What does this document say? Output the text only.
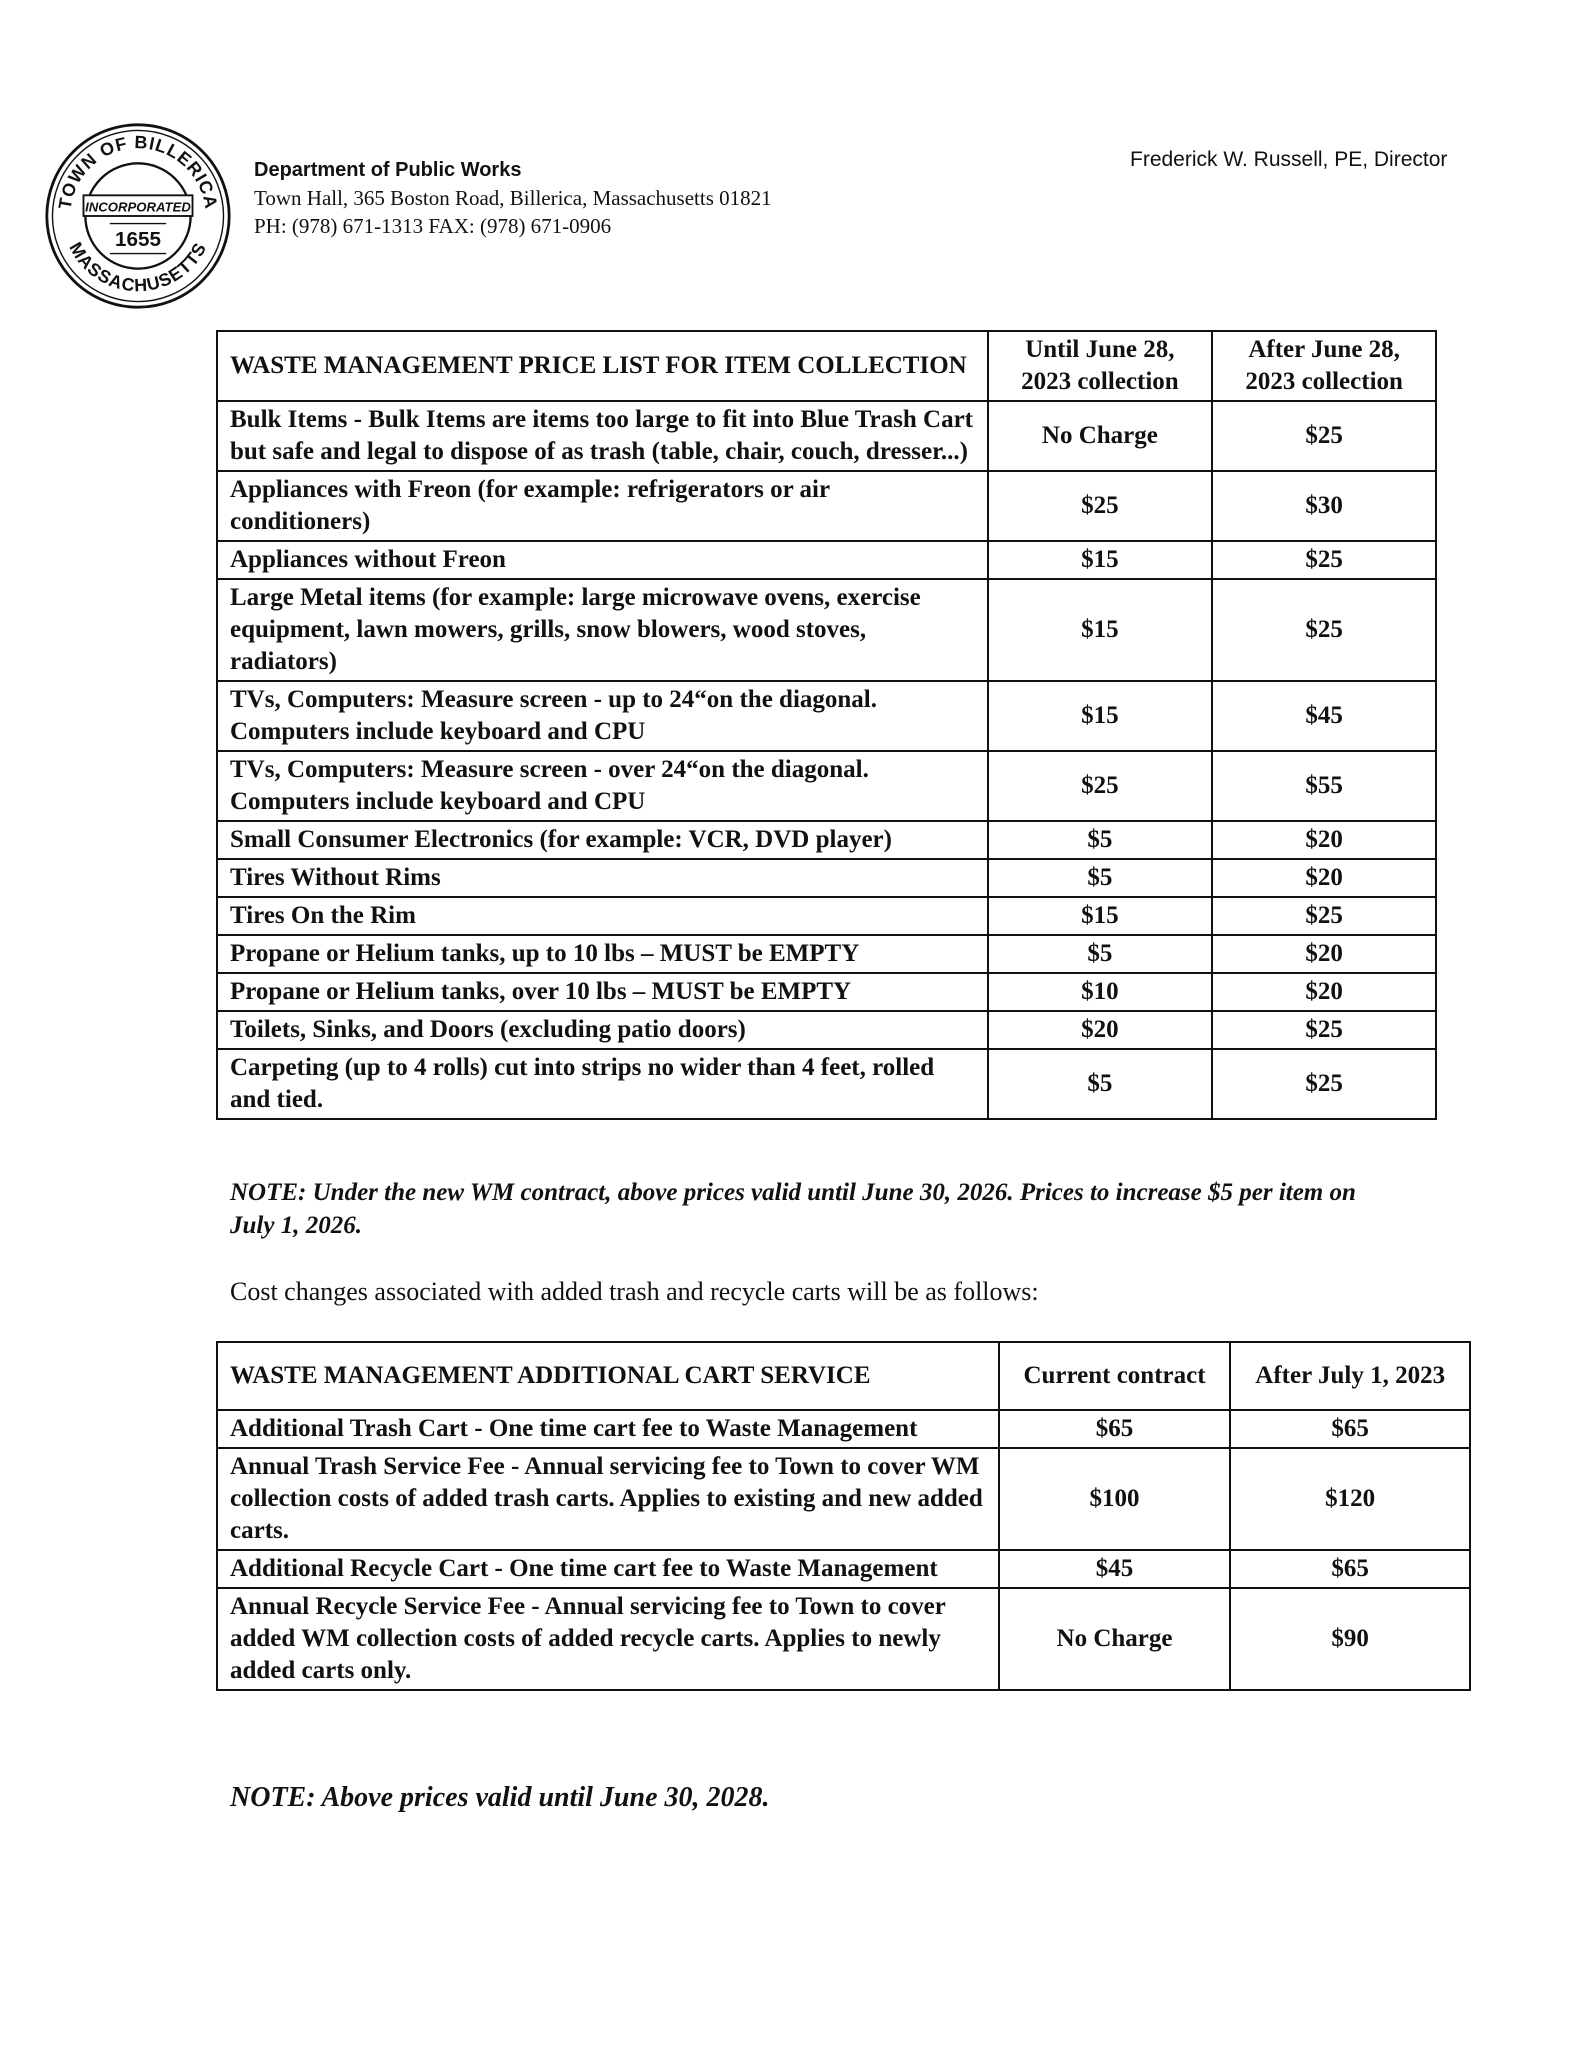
TOWN OF BILLERICA
MASSACHUSETTS
INCORPORATED
1655
Department of Public Works
Town Hall, 365 Boston Road, Billerica, Massachusetts 01821
PH: (978) 671-1313 FAX: (978) 671-0906
Frederick W. Russell, PE, Director
WASTE MANAGEMENT PRICE LIST FOR ITEM COLLECTION	Until June 28, 2023 collection	After June 28, 2023 collection
Bulk Items - Bulk Items are items too large to fit into Blue Trash Cart but safe and legal to dispose of as trash (table, chair, couch, dresser...)	No Charge	$25
Appliances with Freon (for example: refrigerators or air conditioners)	$25	$30
Appliances without Freon	$15	$25
Large Metal items (for example: large microwave ovens, exercise equipment, lawn mowers, grills, snow blowers, wood stoves, radiators)	$15	$25
TVs, Computers: Measure screen - up to 24“on the diagonal. Computers include keyboard and CPU	$15	$45
TVs, Computers: Measure screen - over 24“on the diagonal. Computers include keyboard and CPU	$25	$55
Small Consumer Electronics (for example: VCR, DVD player)	$5	$20
Tires Without Rims	$5	$20
Tires On the Rim	$15	$25
Propane or Helium tanks, up to 10 lbs – MUST be EMPTY	$5	$20
Propane or Helium tanks, over 10 lbs – MUST be EMPTY	$10	$20
Toilets, Sinks, and Doors (excluding patio doors)	$20	$25
Carpeting (up to 4 rolls) cut into strips no wider than 4 feet, rolled and tied.	$5	$25
NOTE: Under the new WM contract, above prices valid until June 30, 2026. Prices to increase $5 per item on July 1, 2026.
Cost changes associated with added trash and recycle carts will be as follows:
WASTE MANAGEMENT ADDITIONAL CART SERVICE	Current contract	After July 1, 2023
Additional Trash Cart - One time cart fee to Waste Management	$65	$65
Annual Trash Service Fee - Annual servicing fee to Town to cover WM collection costs of added trash carts. Applies to existing and new added carts.	$100	$120
Additional Recycle Cart - One time cart fee to Waste Management	$45	$65
Annual Recycle Service Fee - Annual servicing fee to Town to cover added WM collection costs of added recycle carts. Applies to newly added carts only.	No Charge	$90
NOTE: Above prices valid until June 30, 2028.
